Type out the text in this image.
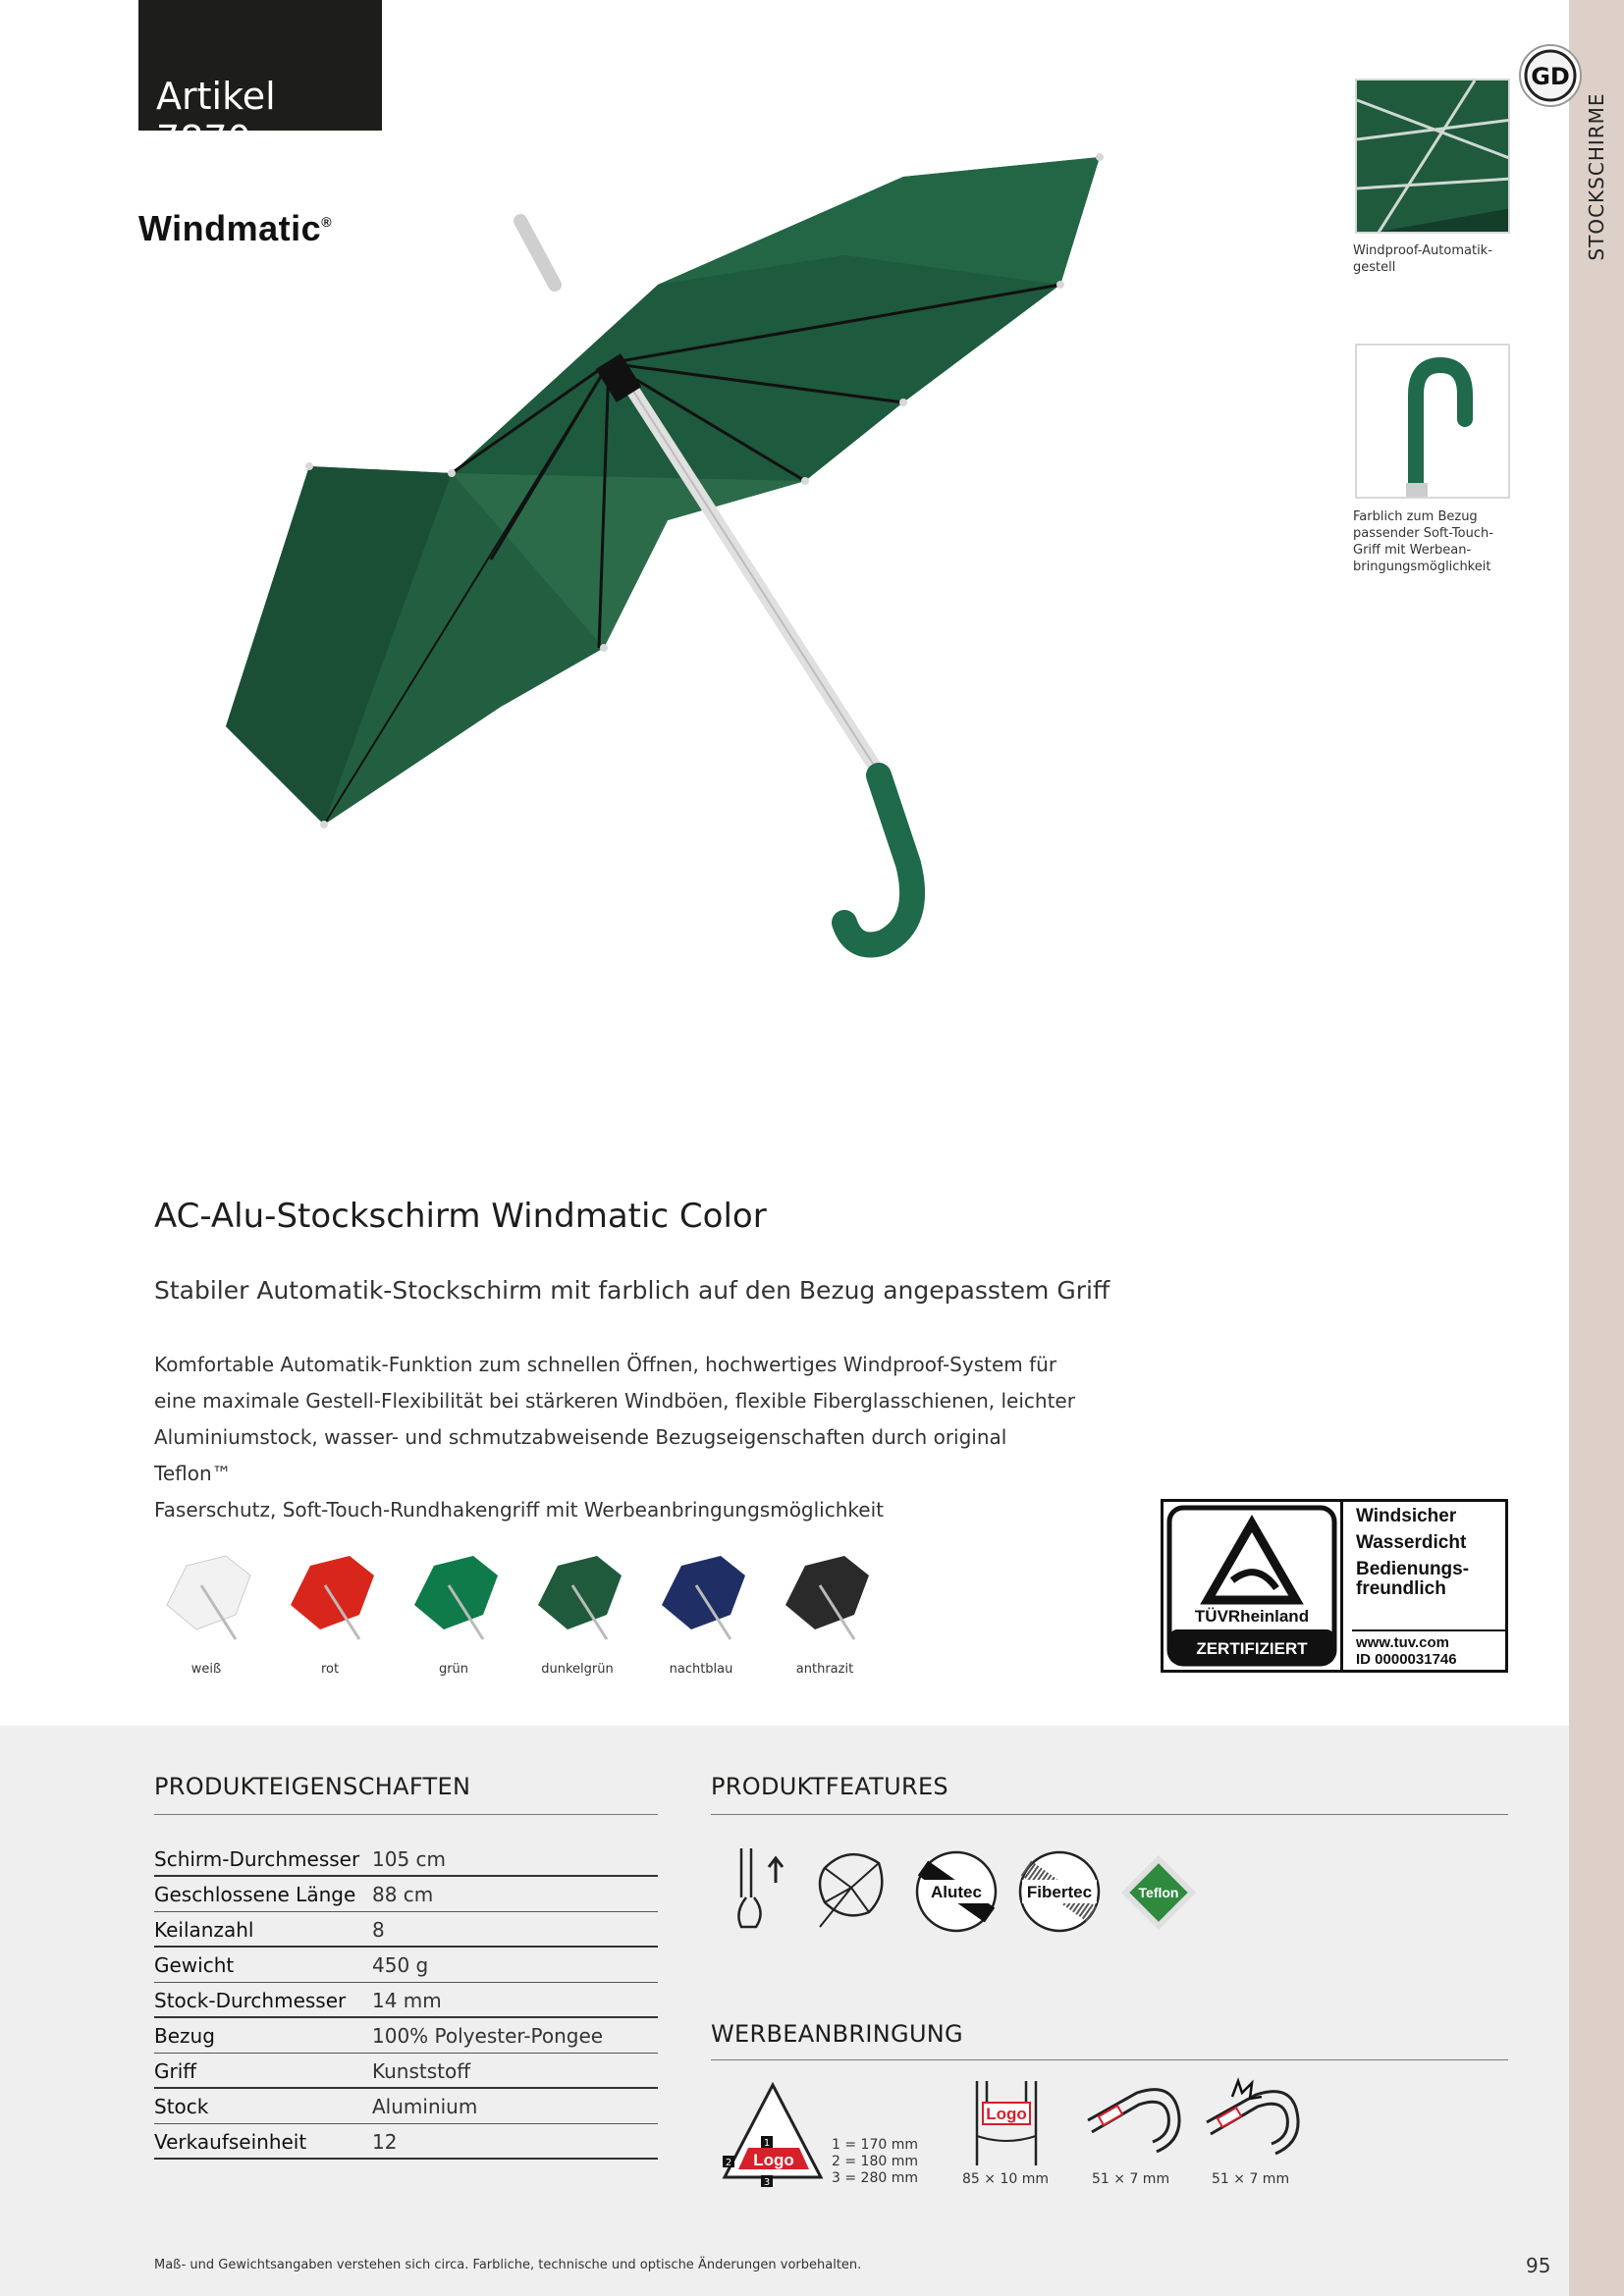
STOCKSCHIRME
GD
Artikel 7870
Windmatic®
Windproof-Automatik-gestell
Farblich zum Bezug passender Soft-Touch-Griff mit Werbean-bringungsmöglichkeit
AC-Alu-Stockschirm Windmatic Color
Stabiler Automatik-Stockschirm mit farblich auf den Bezug angepasstem Griff
Komfortable Automatik-Funktion zum schnellen Öffnen, hochwertiges Windproof-System für
eine maximale Gestell-Flexibilität bei stärkeren Windböen, flexible Fiberglasschienen, leichter
Aluminiumstock, wasser- und schmutzabweisende Bezugseigenschaften durch original Teflon™
Faserschutz, Soft-Touch-Rundhakengriff mit Werbeanbringungsmöglichkeit
weiß	rot	grün	dunkelgrün	nachtblau	anthrazit
TÜVRheinland
ZERTIFIZIERT
Windsicher
Wasserdicht
Bedienungs-
freundlich
www.tuv.com
ID 0000031746
PRODUKTEIGENSCHAFTEN
Schirm-Durchmesser 105 cm
Geschlossene Länge 88 cm
Keilanzahl	8
Gewicht	450 g
Stock-Durchmesser 14 mm
Bezug	100% Polyester-Pongee
Griff	Kunststoff
Stock	Aluminium
Verkaufseinheit	12
PRODUKTFEATURES
Alutec	Fibertec	Teflon
WERBEANBRINGUNG
Logo
1
2
3
1 = 170 mm
2 = 180 mm
3 = 280 mm
Logo
85 × 10 mm	51 × 7 mm	51 × 7 mm
Maß- und Gewichtsangaben verstehen sich circa. Farbliche, technische und optische Änderungen vorbehalten.	95
